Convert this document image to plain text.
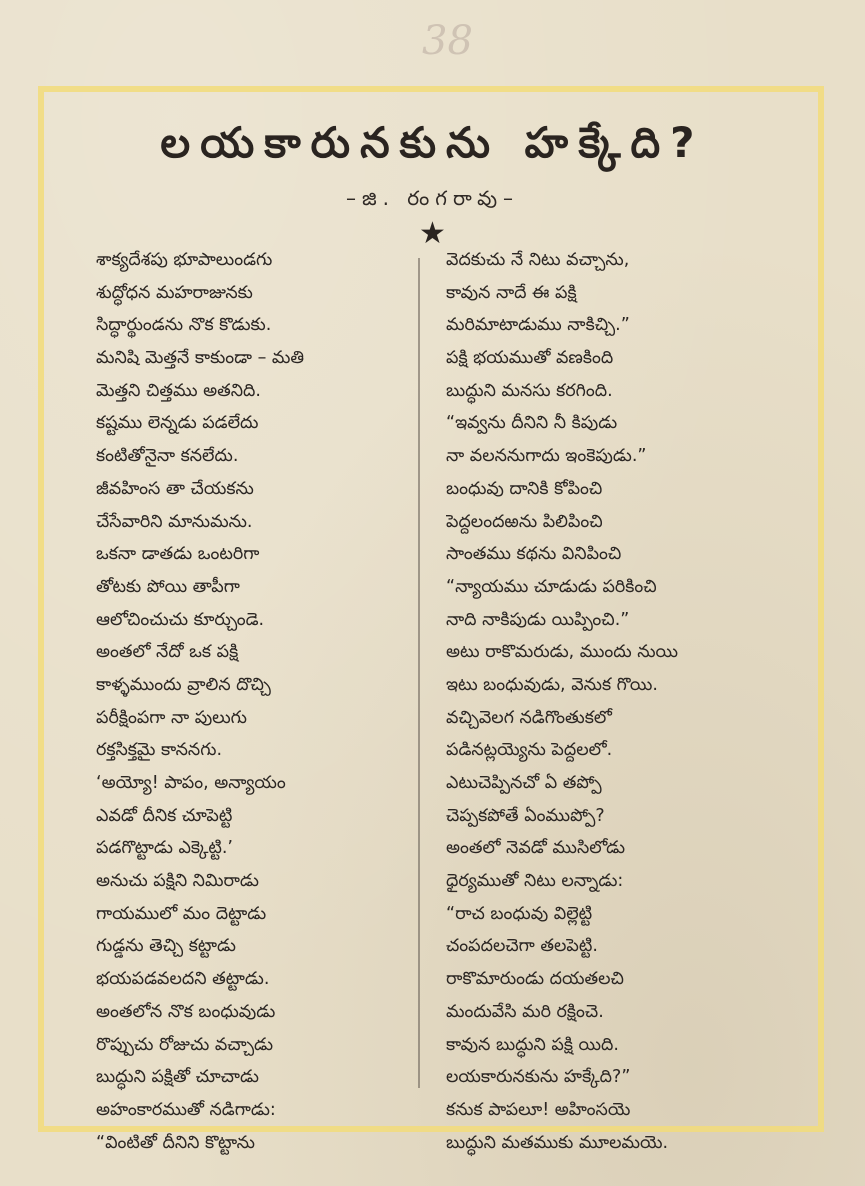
38
లయకారునకును హక్కేది?
–జి. రంగరావు–
★
శాక్యదేశపు భూపాలుండగు
శుద్ధోధన మహరాజునకు
సిద్ధార్థుండను నొక కొడుకు.
మనిషి మెత్తనే కాకుండా – మతి
మెత్తని చిత్తము అతనిది.
కష్టము లెన్నడు పడలేదు
కంటితోనైనా కనలేదు.
జీవహింస తా చేయకను
చేసేవారిని మానుమను.
ఒకనా డాతడు ఒంటరిగా
తోటకు పోయి తాపీగా
ఆలోచించుచు కూర్చుండె.
అంతలో నేదో ఒక పక్షి
కాళ్ళముందు వ్రాలిన దొచ్చి
పరీక్షింపగా నా పులుగు
రక్తసిక్తమై కాననగు.
‘అయ్యో! పాపం, అన్యాయం
ఎవడో దీనిక చూపెట్టి
పడగొట్టాడు ఎక్కెట్టి.’
అనుచు పక్షిని నిమిరాడు
గాయములో మం దెట్టాడు
గుడ్డను తెచ్చి కట్టాడు
భయపడవలదని తట్టాడు.
అంతలోన నొక బంధువుడు
రొప్పుచు రోజుచు వచ్చాడు
బుద్ధుని పక్షితో చూచాడు
అహంకారముతో నడిగాడు:
“వింటితో దీనిని కొట్టాను
వెదకుచు నే నిటు వచ్చాను,
కావున నాదే ఈ పక్షి
మరిమాటాడుము నాకిచ్చి.”
పక్షి భయముతో వణకింది
బుద్ధుని మనసు కరగింది.
“ఇవ్వను దీనిని నీ కిపుడు
నా వలననుగాదు ఇంకెపుడు.”
బంధువు దానికి కోపించి
పెద్దలందఱను పిలిపించి
సాంతము కథను వినిపించి
“న్యాయము చూడుడు పరికించి
నాది నాకిపుడు యిప్పించి.”
అటు రాకొమరుడు, ముందు నుయి
ఇటు బంధువుడు, వెనుక గొయి.
వచ్చివెలగ నడిగొంతుకలో
పడినట్లయ్యెను పెద్దలలో.
ఎటుచెప్పినచో ఏ తప్పో
చెప్పకపోతే ఏంముప్పో?
అంతలో నెవడో ముసిలోడు
ధైర్యముతో నిటు లన్నాడు:
“రాచ బంధువు విల్లెట్టి
చంపదలచెగా తలపెట్టి.
రాకొమారుండు దయతలచి
మందువేసి మరి రక్షించె.
కావున బుద్ధుని పక్షి యిది.
లయకారునకును హక్కేది?”
కనుక పాపలూ! అహింసయె
బుద్ధుని మతముకు మూలమయె.
